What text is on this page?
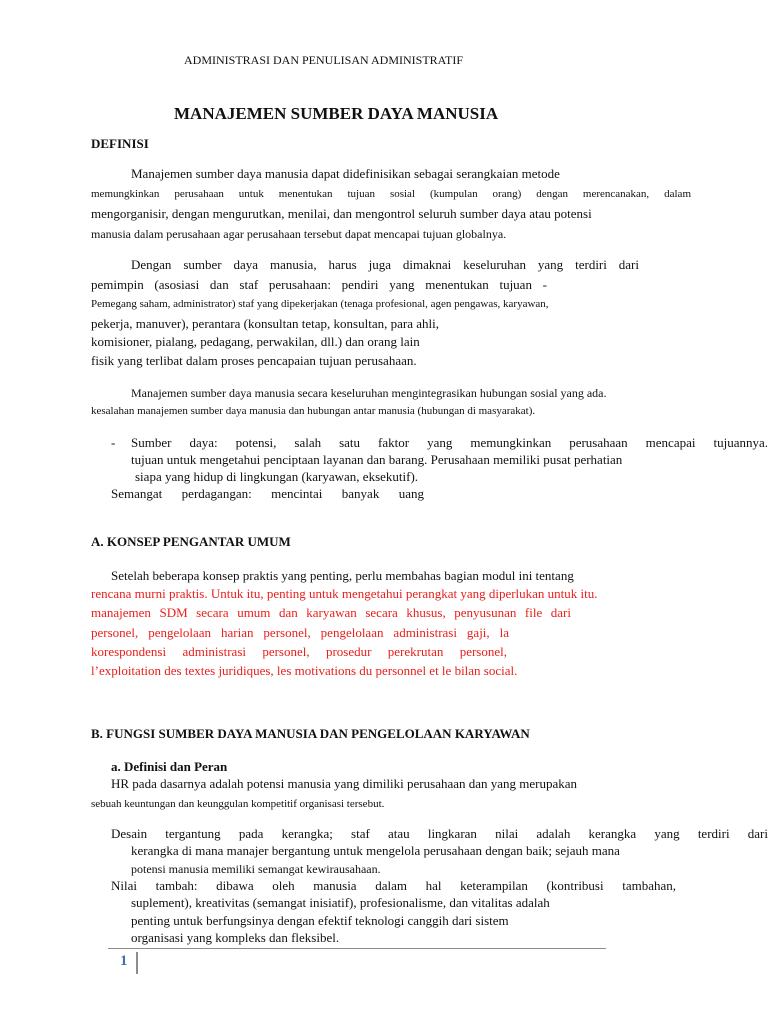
ADMINISTRASI DAN PENULISAN ADMINISTRATIF
MANAJEMEN SUMBER DAYA MANUSIA
DEFINISI
Manajemen sumber daya manusia dapat didefinisikan sebagai serangkaian metode
memungkinkan perusahaan untuk menentukan tujuan sosial (kumpulan orang) dengan merencanakan, dalam
mengorganisir, dengan mengurutkan, menilai, dan mengontrol seluruh sumber daya atau potensi
manusia dalam perusahaan agar perusahaan tersebut dapat mencapai tujuan globalnya.
Dengan sumber daya manusia, harus juga dimaknai keseluruhan yang terdiri dari
pemimpin (asosiasi dan staf perusahaan: pendiri yang menentukan tujuan -
Pemegang saham, administrator) staf yang dipekerjakan (tenaga profesional, agen pengawas, karyawan,
pekerja, manuver), perantara (konsultan tetap, konsultan, para ahli,
komisioner, pialang, pedagang, perwakilan, dll.) dan orang lain
fisik yang terlibat dalam proses pencapaian tujuan perusahaan.
Manajemen sumber daya manusia secara keseluruhan mengintegrasikan hubungan sosial yang ada.
kesalahan manajemen sumber daya manusia dan hubungan antar manusia (hubungan di masyarakat).
- Sumber daya: potensi, salah satu faktor yang memungkinkan perusahaan mencapai tujuannya.
tujuan untuk mengetahui penciptaan layanan dan barang. Perusahaan memiliki pusat perhatian
siapa yang hidup di lingkungan (karyawan, eksekutif).
Semangat perdagangan: mencintai banyak uang
A. KONSEP PENGANTAR UMUM
Setelah beberapa konsep praktis yang penting, perlu membahas bagian modul ini tentang
rencana murni praktis. Untuk itu, penting untuk mengetahui perangkat yang diperlukan untuk itu.
manajemen SDM secara umum dan karyawan secara khusus, penyusunan file dari
personel, pengelolaan harian personel, pengelolaan administrasi gaji, la
korespondensi administrasi personel, prosedur perekrutan personel,
l’exploitation des textes juridiques, les motivations du personnel et le bilan social.
B. FUNGSI SUMBER DAYA MANUSIA DAN PENGELOLAAN KARYAWAN
a. Definisi dan Peran
HR pada dasarnya adalah potensi manusia yang dimiliki perusahaan dan yang merupakan
sebuah keuntungan dan keunggulan kompetitif organisasi tersebut.
Desain tergantung pada kerangka; staf atau lingkaran nilai adalah kerangka yang terdiri dari
kerangka di mana manajer bergantung untuk mengelola perusahaan dengan baik; sejauh mana
potensi manusia memiliki semangat kewirausahaan.
Nilai tambah: dibawa oleh manusia dalam hal keterampilan (kontribusi tambahan,
suplement), kreativitas (semangat inisiatif), profesionalisme, dan vitalitas adalah
penting untuk berfungsinya dengan efektif teknologi canggih dari sistem
organisasi yang kompleks dan fleksibel.
1
